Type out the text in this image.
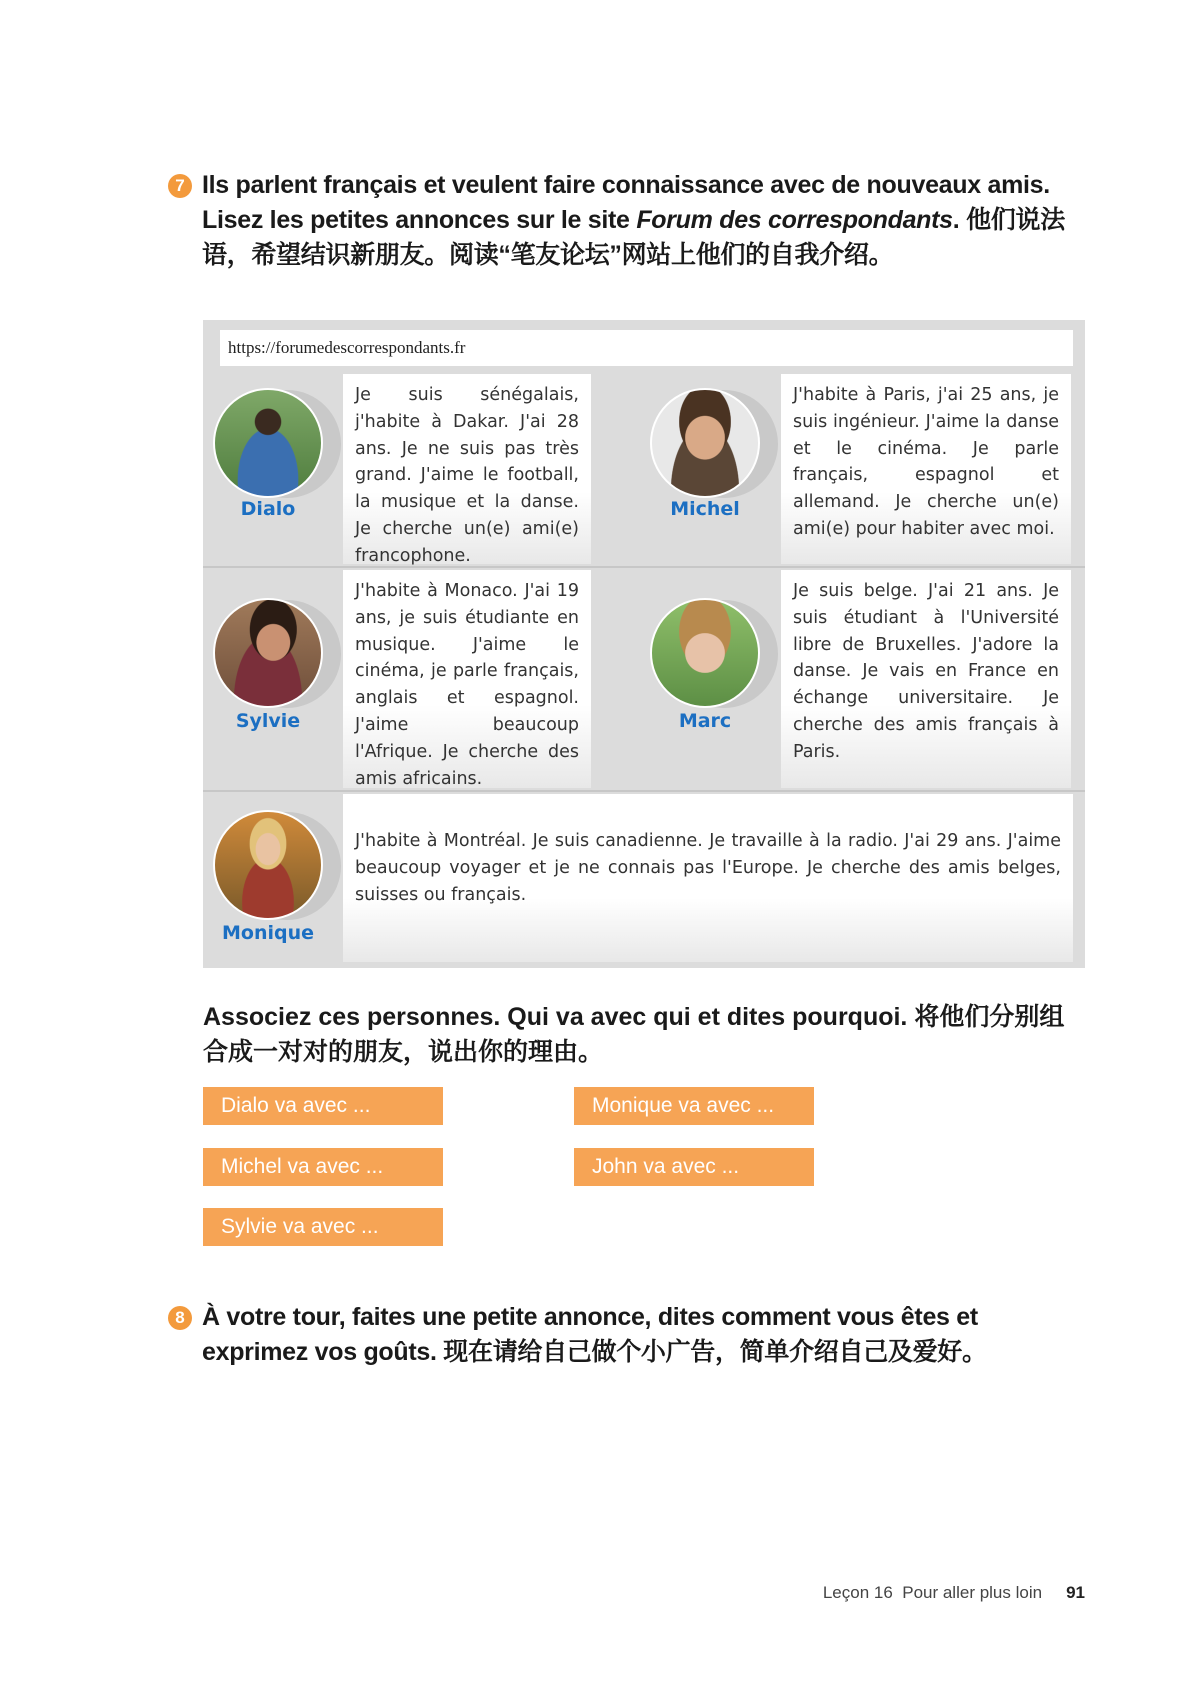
7 Ils parlent français et veulent faire connaissance avec de nouveaux amis. Lisez les petites annonces sur le site Forum des correspondants. 他们说法语，希望结识新朋友。阅读“笔友论坛”网站上他们的自我介绍。
https://forumedescorrespondants.fr
Dialo
Je suis sénégalais, j'habite à Dakar. J'ai 28 ans. Je ne suis pas très grand. J'aime le football, la musique et la danse. Je cherche un(e) ami(e) francophone.
Michel
J'habite à Paris, j'ai 25 ans, je suis ingénieur. J'aime la danse et le cinéma. Je parle français, espagnol et allemand. Je cherche un(e) ami(e) pour habiter avec moi.
Sylvie
J'habite à Monaco. J'ai 19 ans, je suis étudiante en musique. J'aime le cinéma, je parle français, anglais et espagnol. J'aime beaucoup l'Afrique. Je cherche des amis africains.
Marc
Je suis belge. J'ai 21 ans. Je suis étudiant à l'Université libre de Bruxelles. J'adore la danse. Je vais en France en échange universitaire. Je cherche des amis français à Paris.
Monique
J'habite à Montréal. Je suis canadienne. Je travaille à la radio. J'ai 29 ans. J'aime beaucoup voyager et je ne connais pas l'Europe. Je cherche des amis belges, suisses ou français.
Associez ces personnes. Qui va avec qui et dites pourquoi. 将他们分别组合成一对对的朋友，说出你的理由。
Dialo va avec ...
Michel va avec ...
Sylvie va avec ...
Monique va avec ...
John va avec ...
8 À votre tour, faites une petite annonce, dites comment vous êtes et exprimez vos goûts. 现在请给自己做个小广告，简单介绍自己及爱好。
Leçon 16  Pour aller plus loin 91
